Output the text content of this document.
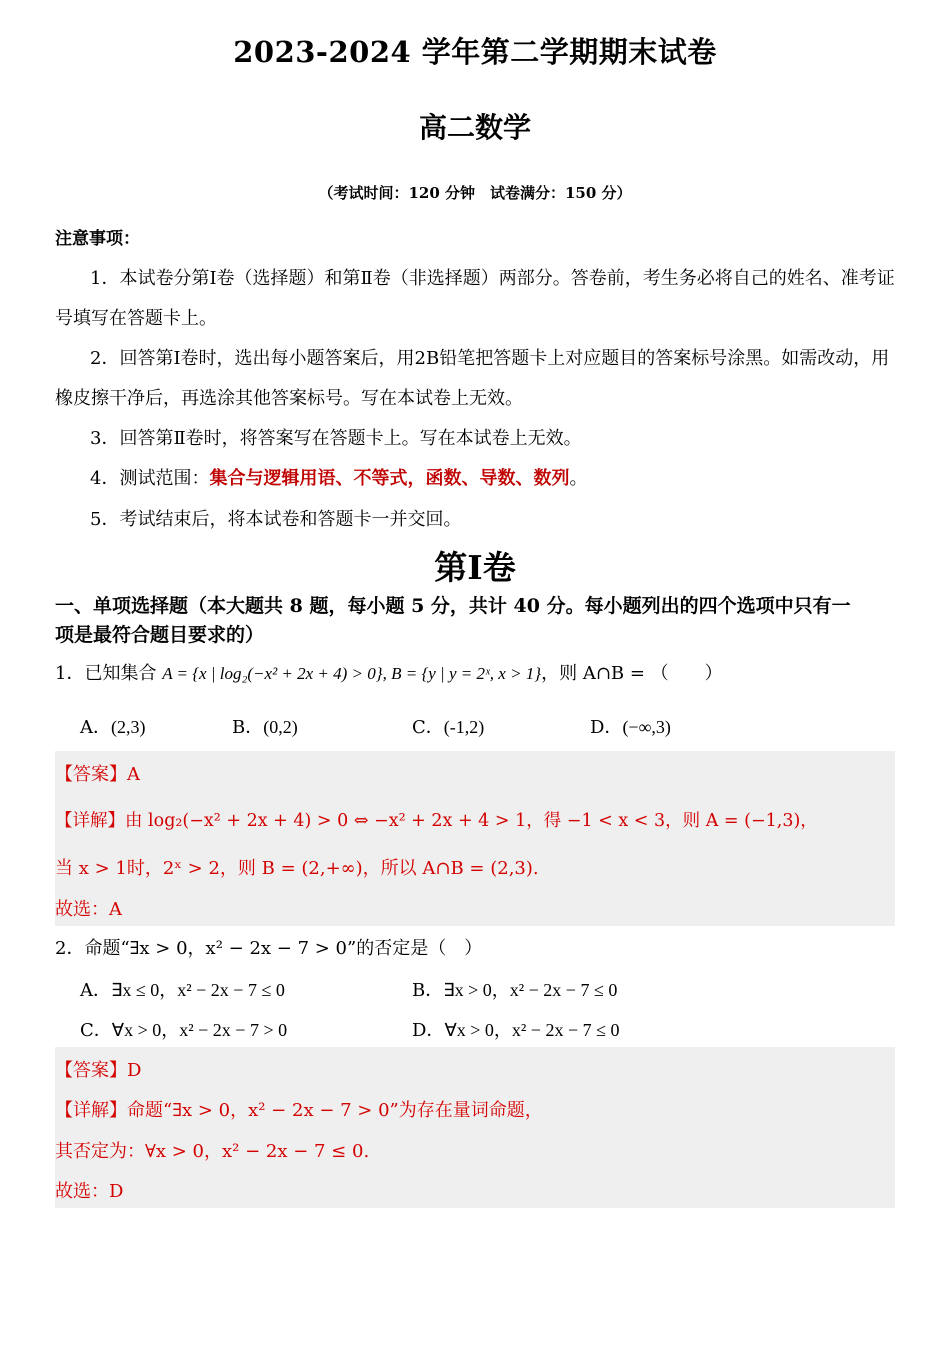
2023-2024 学年第二学期期末试卷
高二数学
（考试时间：120 分钟　试卷满分：150 分）
注意事项：
1．本试卷分第Ⅰ卷（选择题）和第Ⅱ卷（非选择题）两部分。答卷前，考生务必将自己的姓名、准考证
号填写在答题卡上。
2．回答第Ⅰ卷时，选出每小题答案后，用2B铅笔把答题卡上对应题目的答案标号涂黑。如需改动，用
橡皮擦干净后，再选涂其他答案标号。写在本试卷上无效。
3．回答第Ⅱ卷时，将答案写在答题卡上。写在本试卷上无效。
4．测试范围：集合与逻辑用语、不等式，函数、导数、数列。
5．考试结束后，将本试卷和答题卡一并交回。
第Ⅰ卷
一、单项选择题（本大题共 8 题，每小题 5 分，共计 40 分。每小题列出的四个选项中只有一
项是最符合题目要求的）
1．已知集合 A = {x | log₂(−x² + 2x + 4) > 0}, B = {y | y = 2ˣ, x > 1}，则 A∩B = （　　）
A．(2,3)	B．(0,2)	C．(-1,2)	D．(−∞,3)
【答案】A
【详解】由 log₂(−x² + 2x + 4) > 0 ⇔ −x² + 2x + 4 > 1，得 −1 < x < 3，则 A = (−1,3)，
当 x > 1时，2ˣ > 2，则 B = (2,+∞)，所以 A∩B = (2,3).
故选：A
2．命题“∃x > 0，x² − 2x − 7 > 0”的否定是（　）
A．∃x ≤ 0，x² − 2x − 7 ≤ 0	B．∃x > 0，x² − 2x − 7 ≤ 0
C．∀x > 0，x² − 2x − 7 > 0	D．∀x > 0，x² − 2x − 7 ≤ 0
【答案】D
【详解】命题“∃x > 0，x² − 2x − 7 > 0”为存在量词命题，
其否定为：∀x > 0，x² − 2x − 7 ≤ 0.
故选：D
